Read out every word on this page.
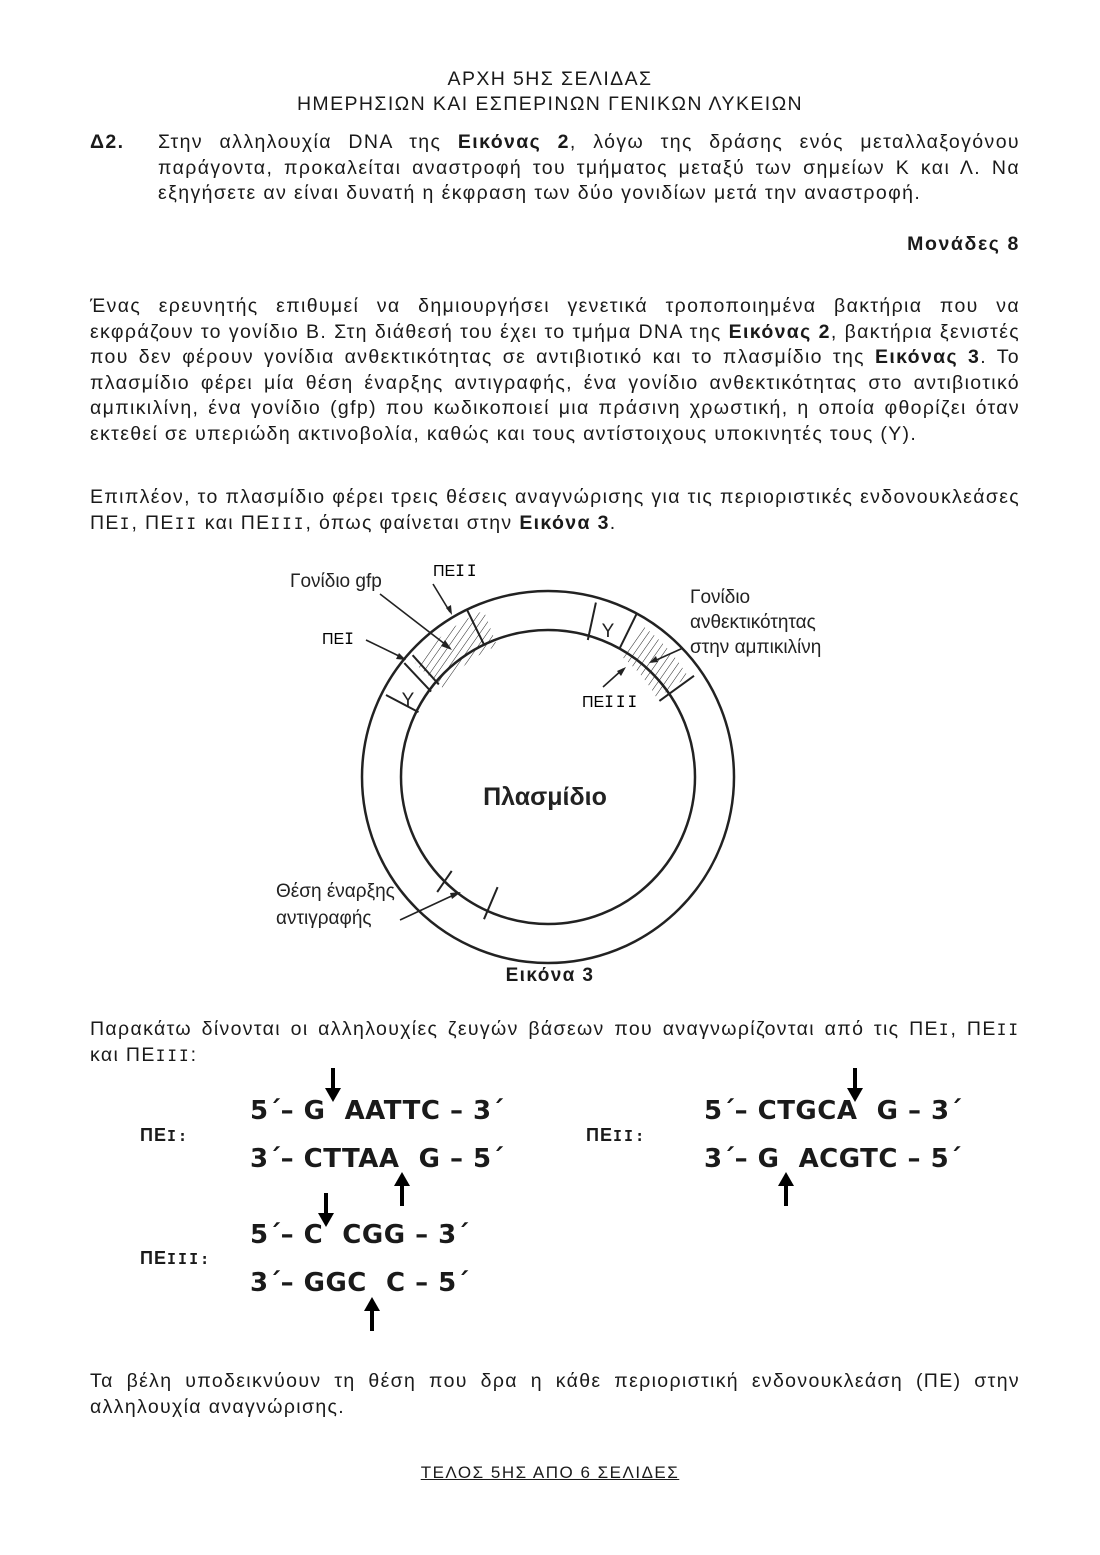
ΑΡΧΗ 5ΗΣ ΣΕΛΙΔΑΣ
ΗΜΕΡΗΣΙΩΝ ΚΑΙ ΕΣΠΕΡΙΝΩΝ ΓΕΝΙΚΩΝ ΛΥΚΕΙΩΝ
Δ2. Στην αλληλουχία DNA της Εικόνας 2, λόγω της δράσης ενός μεταλλαξογόνου παράγοντα, προκαλείται αναστροφή του τμήματος μεταξύ των σημείων Κ και Λ. Να εξηγήσετε αν είναι δυνατή η έκφραση των δύο γονιδίων μετά την αναστροφή.
Μονάδες 8
Ένας ερευνητής επιθυμεί να δημιουργήσει γενετικά τροποποιημένα βακτήρια που να εκφράζουν το γονίδιο Β. Στη διάθεσή του έχει το τμήμα DNA της Εικόνας 2, βακτήρια ξενιστές που δεν φέρουν γονίδια ανθεκτικότητας σε αντιβιοτικό και το πλασμίδιο της Εικόνας 3. Το πλασμίδιο φέρει μία θέση έναρξης αντιγραφής, ένα γονίδιο ανθεκτικότητας στο αντιβιοτικό αμπικιλίνη, ένα γονίδιο (gfp) που κωδικοποιεί μια πράσινη χρωστική, η οποία φθορίζει όταν εκτεθεί σε υπεριώδη ακτινοβολία, καθώς και τους αντίστοιχους υποκινητές τους (Υ).
Επιπλέον, το πλασμίδιο φέρει τρεις θέσεις αναγνώρισης για τις περιοριστικές ενδονουκλεάσες ΠΕΙ, ΠΕΙΙ και ΠΕΙΙΙ, όπως φαίνεται στην Εικόνα 3.
Υ
Υ
Πλασμίδιο
Γονίδιο gfp	ΠΕΙΙ
ΠΕΙ
Γονίδιο
ανθεκτικότητας
στην αμπικιλίνη
ΠΕΙΙΙ
Θέση έναρξης
αντιγραφής
Εικόνα 3
Παρακάτω δίνονται οι αλληλουχίες ζευγών βάσεων που αναγνωρίζονται από τις ΠΕΙ, ΠΕΙΙ και ΠΕΙΙΙ:
ΠΕΙ:
5΄– G  AATTC – 3΄
3΄– CTTAA  G – 5΄
ΠΕΙΙ:
5΄– CTGCA  G – 3΄
3΄– G  ACGTC – 5΄
ΠΕΙΙΙ:
5΄– C  CGG – 3΄
3΄– GGC  C – 5΄
Τα βέλη υποδεικνύουν τη θέση που δρα η κάθε περιοριστική ενδονουκλεάση (ΠΕ) στην αλληλουχία αναγνώρισης.
ΤΕΛΟΣ 5ΗΣ ΑΠΟ 6 ΣΕΛΙΔΕΣ
